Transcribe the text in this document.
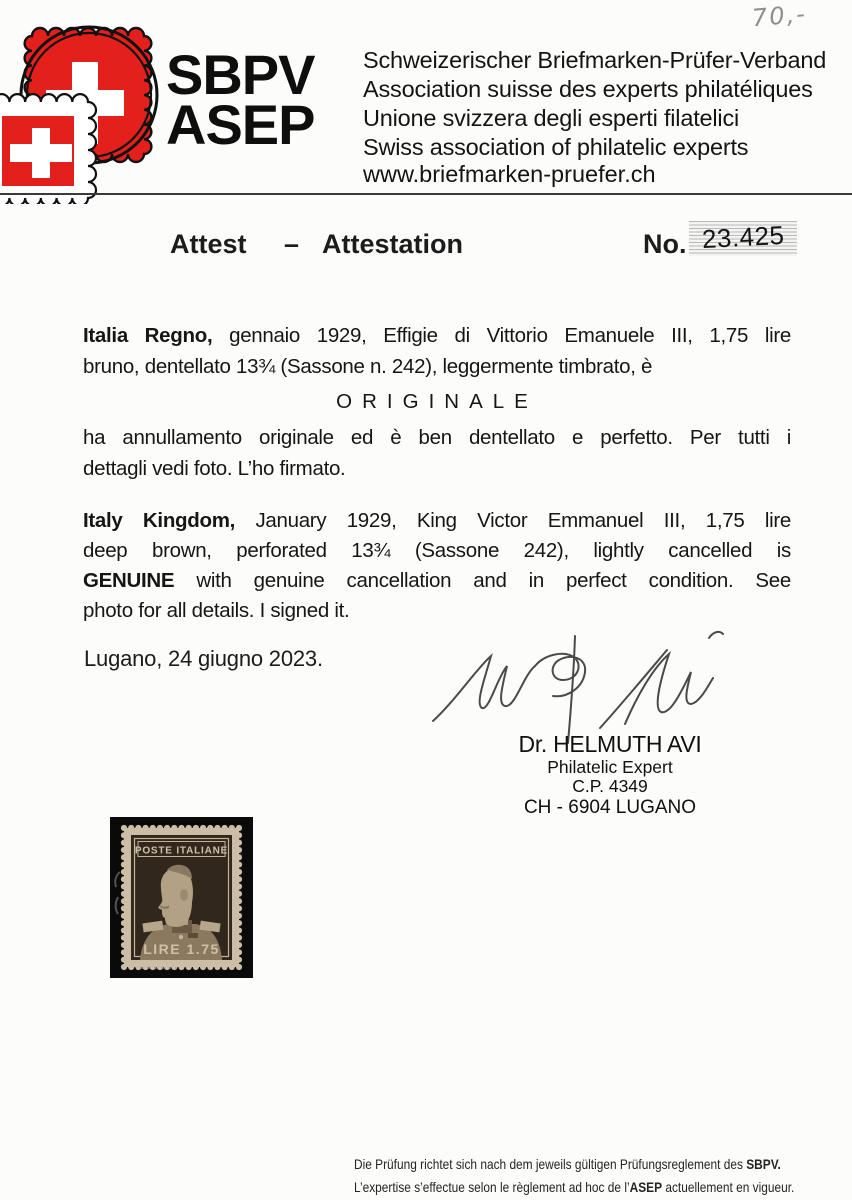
70,-
SBPV
ASEP
Schweizerischer Briefmarken-Prüfer-Verband
Association suisse des experts philatéliques
Unione svizzera degli esperti filatelici
Swiss association of philatelic experts
www.briefmarken-pruefer.ch
Attest – Attestation	No. 23.425
Italia Regno, gennaio 1929, Effigie di Vittorio Emanuele III, 1,75 lire
bruno, dentellato 13¾ (Sassone n. 242), leggermente timbrato, è
ORIGINALE
ha annullamento originale ed è ben dentellato e perfetto. Per tutti i
dettagli vedi foto. L’ho firmato.
Italy Kingdom, January 1929, King Victor Emmanuel III, 1,75 lire
deep brown, perforated 13¾ (Sassone 242), lightly cancelled is
GENUINE with genuine cancellation and in perfect condition. See
photo for all details. I signed it.
Lugano, 24 giugno 2023.
Dr. HELMUTH AVI
Philatelic Expert
C.P. 4349
CH - 6904 LUGANO
POSTE ITALIANE
LIRE 1.75
Die Prüfung richtet sich nach dem jeweils gültigen Prüfungsreglement des SBPV.
L’expertise s’effectue selon le règlement ad hoc de l’ASEP actuellement en vigueur.
